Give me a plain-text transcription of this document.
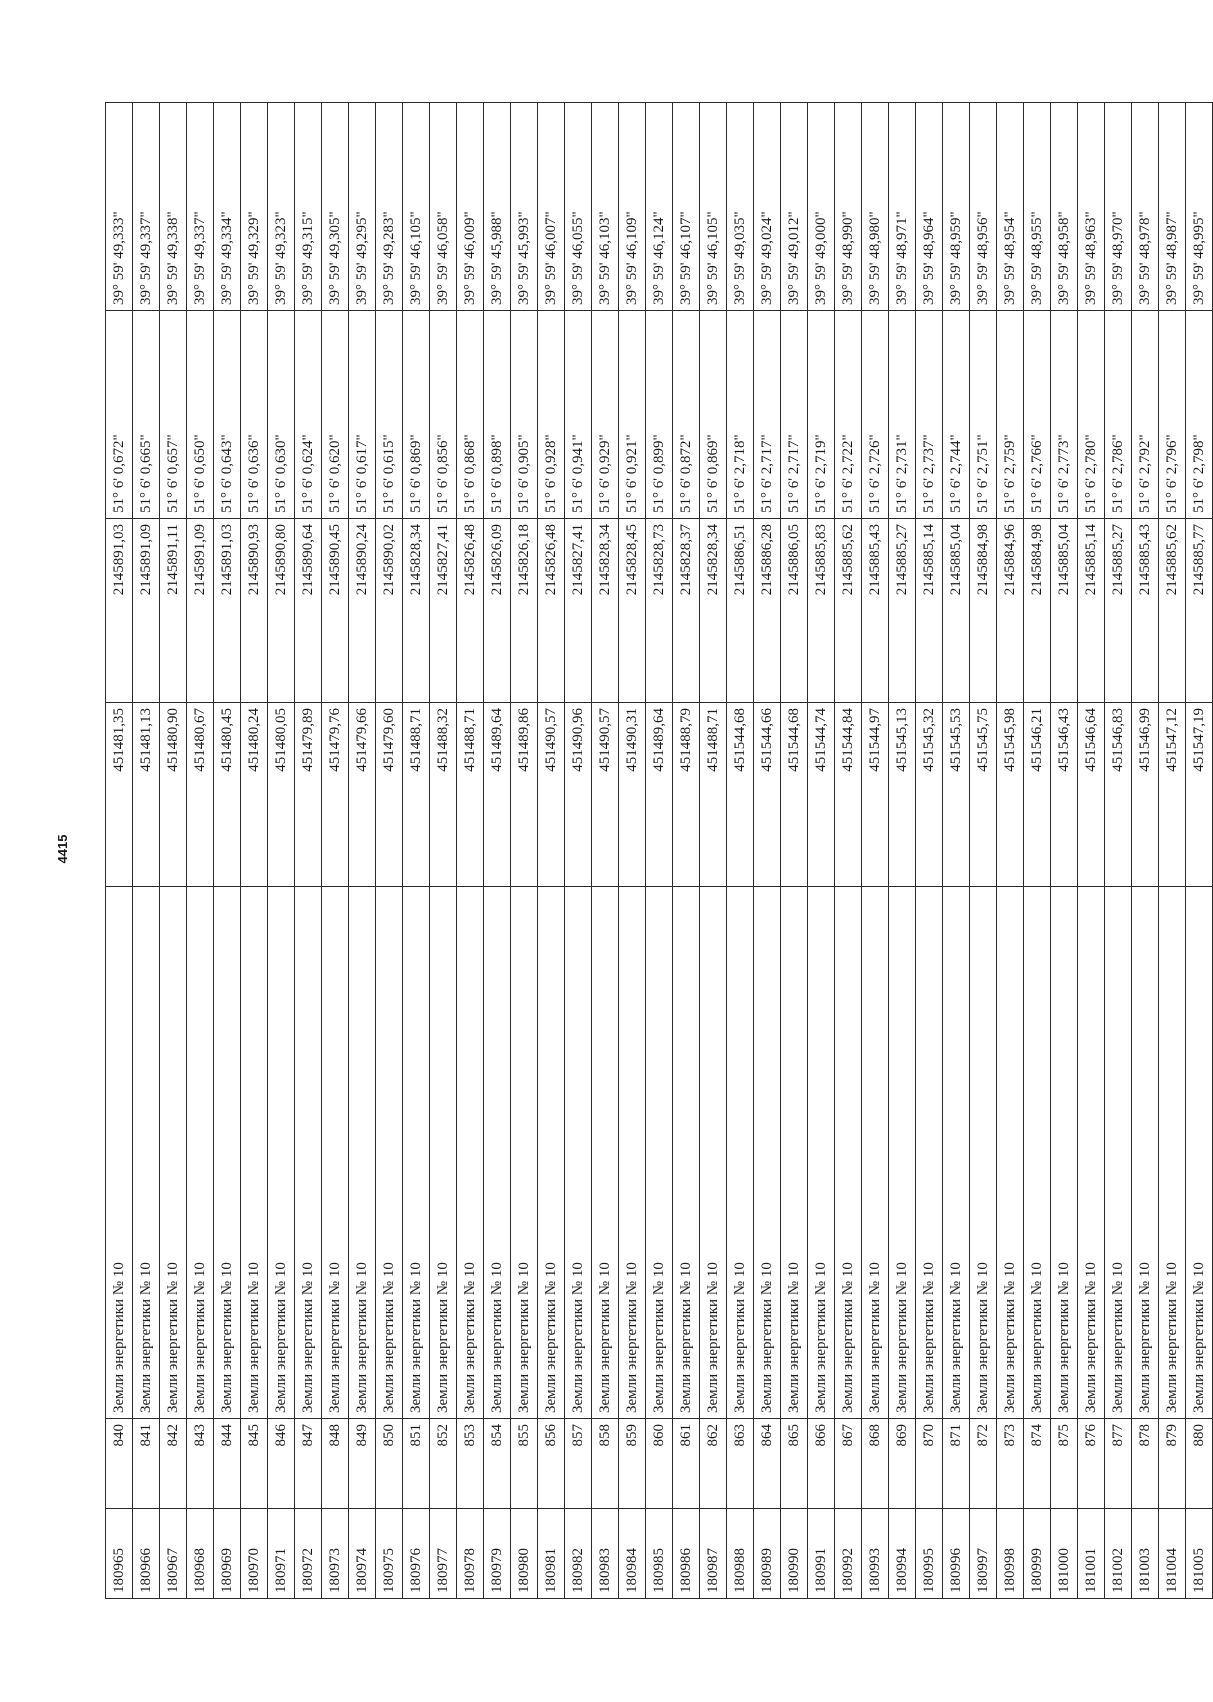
4415
180965	840	Земли энергетики № 10	451481,35	2145891,03	51° 6' 0,672"	39° 59' 49,333"
180966	841	Земли энергетики № 10	451481,13	2145891,09	51° 6' 0,665"	39° 59' 49,337"
180967	842	Земли энергетики № 10	451480,90	2145891,11	51° 6' 0,657"	39° 59' 49,338"
180968	843	Земли энергетики № 10	451480,67	2145891,09	51° 6' 0,650"	39° 59' 49,337"
180969	844	Земли энергетики № 10	451480,45	2145891,03	51° 6' 0,643"	39° 59' 49,334"
180970	845	Земли энергетики № 10	451480,24	2145890,93	51° 6' 0,636"	39° 59' 49,329"
180971	846	Земли энергетики № 10	451480,05	2145890,80	51° 6' 0,630"	39° 59' 49,323"
180972	847	Земли энергетики № 10	451479,89	2145890,64	51° 6' 0,624"	39° 59' 49,315"
180973	848	Земли энергетики № 10	451479,76	2145890,45	51° 6' 0,620"	39° 59' 49,305"
180974	849	Земли энергетики № 10	451479,66	2145890,24	51° 6' 0,617"	39° 59' 49,295"
180975	850	Земли энергетики № 10	451479,60	2145890,02	51° 6' 0,615"	39° 59' 49,283"
180976	851	Земли энергетики № 10	451488,71	2145828,34	51° 6' 0,869"	39° 59' 46,105"
180977	852	Земли энергетики № 10	451488,32	2145827,41	51° 6' 0,856"	39° 59' 46,058"
180978	853	Земли энергетики № 10	451488,71	2145826,48	51° 6' 0,868"	39° 59' 46,009"
180979	854	Земли энергетики № 10	451489,64	2145826,09	51° 6' 0,898"	39° 59' 45,988"
180980	855	Земли энергетики № 10	451489,86	2145826,18	51° 6' 0,905"	39° 59' 45,993"
180981	856	Земли энергетики № 10	451490,57	2145826,48	51° 6' 0,928"	39° 59' 46,007"
180982	857	Земли энергетики № 10	451490,96	2145827,41	51° 6' 0,941"	39° 59' 46,055"
180983	858	Земли энергетики № 10	451490,57	2145828,34	51° 6' 0,929"	39° 59' 46,103"
180984	859	Земли энергетики № 10	451490,31	2145828,45	51° 6' 0,921"	39° 59' 46,109"
180985	860	Земли энергетики № 10	451489,64	2145828,73	51° 6' 0,899"	39° 59' 46,124"
180986	861	Земли энергетики № 10	451488,79	2145828,37	51° 6' 0,872"	39° 59' 46,107"
180987	862	Земли энергетики № 10	451488,71	2145828,34	51° 6' 0,869"	39° 59' 46,105"
180988	863	Земли энергетики № 10	451544,68	2145886,51	51° 6' 2,718"	39° 59' 49,035"
180989	864	Земли энергетики № 10	451544,66	2145886,28	51° 6' 2,717"	39° 59' 49,024"
180990	865	Земли энергетики № 10	451544,68	2145886,05	51° 6' 2,717"	39° 59' 49,012"
180991	866	Земли энергетики № 10	451544,74	2145885,83	51° 6' 2,719"	39° 59' 49,000"
180992	867	Земли энергетики № 10	451544,84	2145885,62	51° 6' 2,722"	39° 59' 48,990"
180993	868	Земли энергетики № 10	451544,97	2145885,43	51° 6' 2,726"	39° 59' 48,980"
180994	869	Земли энергетики № 10	451545,13	2145885,27	51° 6' 2,731"	39° 59' 48,971"
180995	870	Земли энергетики № 10	451545,32	2145885,14	51° 6' 2,737"	39° 59' 48,964"
180996	871	Земли энергетики № 10	451545,53	2145885,04	51° 6' 2,744"	39° 59' 48,959"
180997	872	Земли энергетики № 10	451545,75	2145884,98	51° 6' 2,751"	39° 59' 48,956"
180998	873	Земли энергетики № 10	451545,98	2145884,96	51° 6' 2,759"	39° 59' 48,954"
180999	874	Земли энергетики № 10	451546,21	2145884,98	51° 6' 2,766"	39° 59' 48,955"
181000	875	Земли энергетики № 10	451546,43	2145885,04	51° 6' 2,773"	39° 59' 48,958"
181001	876	Земли энергетики № 10	451546,64	2145885,14	51° 6' 2,780"	39° 59' 48,963"
181002	877	Земли энергетики № 10	451546,83	2145885,27	51° 6' 2,786"	39° 59' 48,970"
181003	878	Земли энергетики № 10	451546,99	2145885,43	51° 6' 2,792"	39° 59' 48,978"
181004	879	Земли энергетики № 10	451547,12	2145885,62	51° 6' 2,796"	39° 59' 48,987"
181005	880	Земли энергетики № 10	451547,19	2145885,77	51° 6' 2,798"	39° 59' 48,995"
